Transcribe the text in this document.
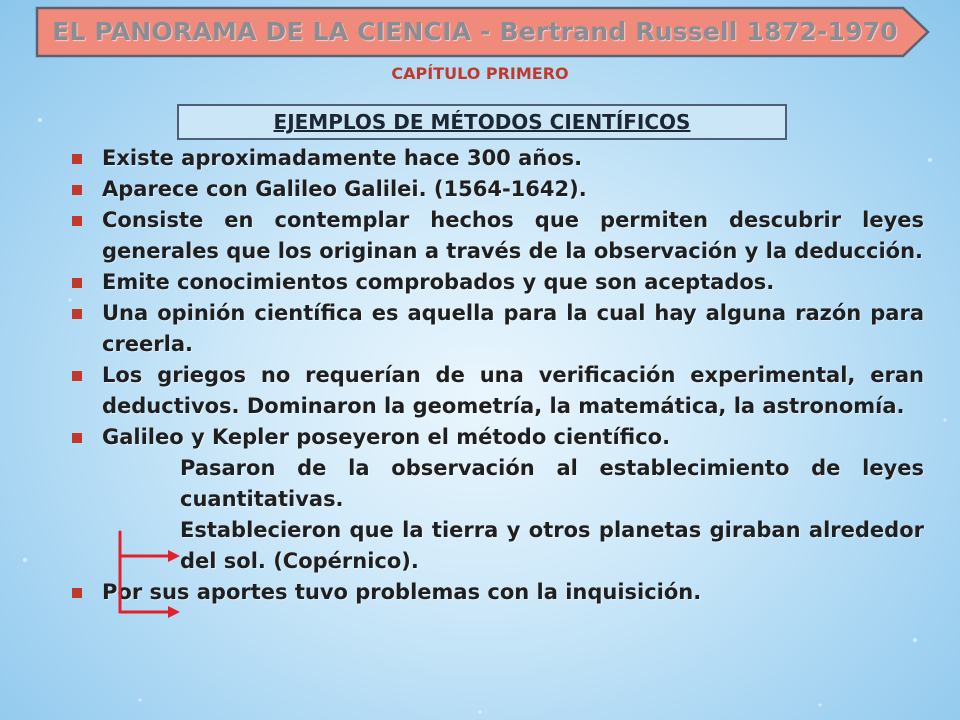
EL PANORAMA DE LA CIENCIA - Bertrand Russell 1872-1970
CAPÍTULO PRIMERO
EJEMPLOS DE MÉTODOS CIENTÍFICOS
Existe aproximadamente hace 300 años.
Aparece con Galileo Galilei. (1564-1642).
Consiste en contemplar hechos que permiten descubrir leyes generales que los originan a través de la observación y la deducción.
Emite conocimientos comprobados y que son aceptados.
Una opinión científica es aquella para la cual hay alguna razón para creerla.
Los griegos no requerían de una verificación experimental, eran deductivos. Dominaron la geometría, la matemática, la astronomía.
Galileo y Kepler poseyeron el método científico.
Pasaron de la observación al establecimiento de leyes cuantitativas.
Establecieron que la tierra y otros planetas giraban alrededor del sol. (Copérnico).
Por sus aportes tuvo problemas con la inquisición.
